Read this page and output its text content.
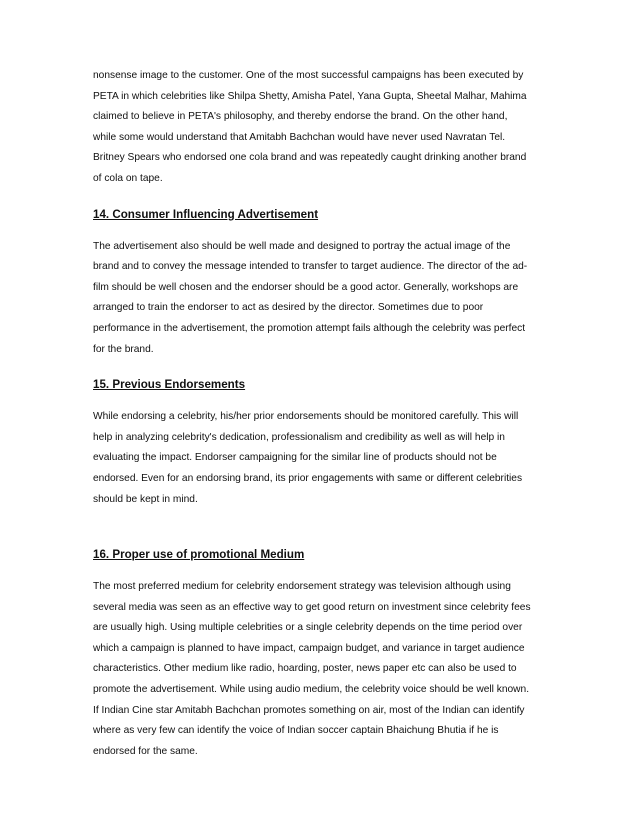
nonsense image to the customer. One of the most successful campaigns has been executed by
PETA in which celebrities like Shilpa Shetty, Amisha Patel, Yana Gupta, Sheetal Malhar, Mahima
claimed to believe in PETA's philosophy, and thereby endorse the brand. On the other hand,
while some would understand that Amitabh Bachchan would have never used Navratan Tel.
Britney Spears who endorsed one cola brand and was repeatedly caught drinking another brand
of cola on tape.

14. Consumer Influencing Advertisement

The advertisement also should be well made and designed to portray the actual image of the
brand and to convey the message intended to transfer to target audience. The director of the ad-
film should be well chosen and the endorser should be a good actor. Generally, workshops are
arranged to train the endorser to act as desired by the director. Sometimes due to poor
performance in the advertisement, the promotion attempt fails although the celebrity was perfect
for the brand.

15. Previous Endorsements

While endorsing a celebrity, his/her prior endorsements should be monitored carefully. This will
help in analyzing celebrity's dedication, professionalism and credibility as well as will help in
evaluating the impact. Endorser campaigning for the similar line of products should not be
endorsed. Even for an endorsing brand, its prior engagements with same or different celebrities
should be kept in mind.

16. Proper use of promotional Medium

The most preferred medium for celebrity endorsement strategy was television although using
several media was seen as an effective way to get good return on investment since celebrity fees
are usually high. Using multiple celebrities or a single celebrity depends on the time period over
which a campaign is planned to have impact, campaign budget, and variance in target audience
characteristics. Other medium like radio, hoarding, poster, news paper etc can also be used to
promote the advertisement. While using audio medium, the celebrity voice should be well known.
If Indian Cine star Amitabh Bachchan promotes something on air, most of the Indian can identify
where as very few can identify the voice of Indian soccer captain Bhaichung Bhutia if he is
endorsed for the same.
